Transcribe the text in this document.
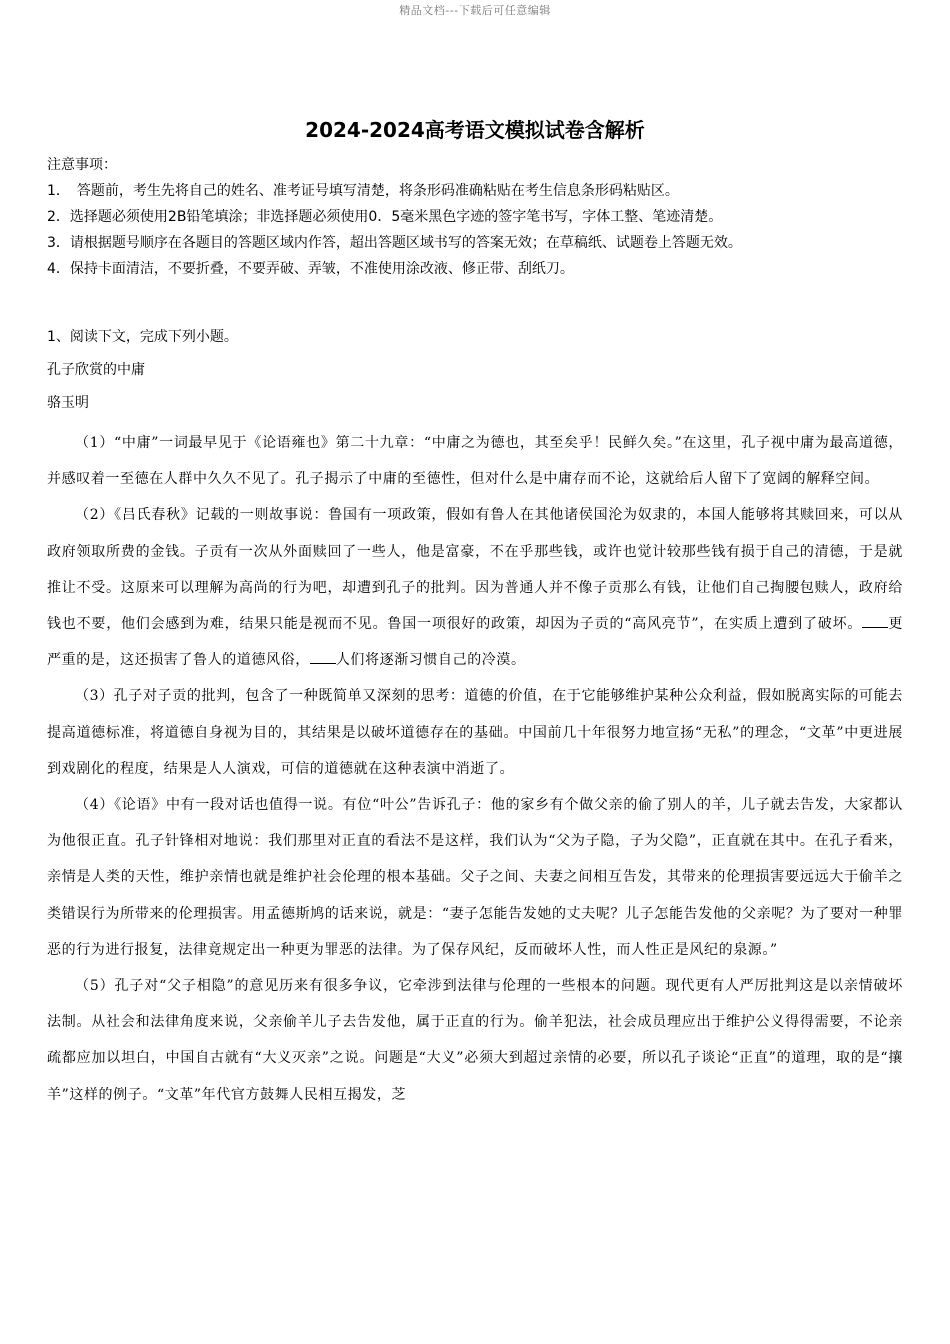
精品文档---下载后可任意编辑
2024-2024高考语文模拟试卷含解析
注意事项：
1．　答题前，考生先将自己的姓名、准考证号填写清楚，将条形码准确粘贴在考生信息条形码粘贴区。
2．选择题必须使用2B铅笔填涂；非选择题必须使用0．5毫米黑色字迹的签字笔书写，字体工整、笔迹清楚。
3．请根据题号顺序在各题目的答题区域内作答，超出答题区域书写的答案无效；在草稿纸、试题卷上答题无效。
4．保持卡面清洁，不要折叠，不要弄破、弄皱，不准使用涂改液、修正带、刮纸刀。
1、阅读下文，完成下列小题。
孔子欣赏的中庸
骆玉明

（1）“中庸”一词最早见于《论语雍也》第二十九章：“中庸之为德也，其至矣乎！民鲜久矣。”在这里，孔子视中庸为最高道德，并感叹着一至德在人群中久久不见了。孔子揭示了中庸的至德性，但对什么是中庸存而不论，这就给后人留下了宽阔的解释空间。

（2）《吕氏春秋》记载的一则故事说：鲁国有一项政策，假如有鲁人在其他诸侯国沦为奴隶的，本国人能够将其赎回来，可以从政府领取所费的金钱。子贡有一次从外面赎回了一些人，他是富豪，不在乎那些钱，或许也觉计较那些钱有损于自己的清德，于是就推让不受。这原来可以理解为高尚的行为吧，却遭到孔子的批判。因为普通人并不像子贡那么有钱，让他们自己掏腰包赎人，政府给钱也不要，他们会感到为难，结果只能是视而不见。鲁国一项很好的政策，却因为子贡的“高风亮节”，在实质上遭到了破坏。 更严重的是，这还损害了鲁人的道德风俗， 人们将逐渐习惯自己的冷漠。

（3）孔子对子贡的批判，包含了一种既简单又深刻的思考：道德的价值，在于它能够维护某种公众利益，假如脱离实际的可能去提高道德标准，将道德自身视为目的，其结果是以破坏道德存在的基础。中国前几十年很努力地宣扬“无私”的理念，“文革”中更进展到戏剧化的程度，结果是人人演戏，可信的道德就在这种表演中消逝了。

（4）《论语》中有一段对话也值得一说。有位“叶公”告诉孔子：他的家乡有个做父亲的偷了别人的羊，儿子就去告发，大家都认为他很正直。孔子针锋相对地说：我们那里对正直的看法不是这样，我们认为“父为子隐，子为父隐”，正直就在其中。在孔子看来，亲情是人类的天性，维护亲情也就是维护社会伦理的根本基础。父子之间、夫妻之间相互告发，其带来的伦理损害要远远大于偷羊之类错误行为所带来的伦理损害。用孟德斯鸠的话来说，就是：“妻子怎能告发她的丈夫呢？儿子怎能告发他的父亲呢？为了要对一种罪恶的行为进行报复，法律竟规定出一种更为罪恶的法律。为了保存风纪，反而破坏人性，而人性正是风纪的泉源。”

（5）孔子对“父子相隐”的意见历来有很多争议，它牵涉到法律与伦理的一些根本的问题。现代更有人严厉批判这是以亲情破坏法制。从社会和法律角度来说，父亲偷羊儿子去告发他，属于正直的行为。偷羊犯法，社会成员理应出于维护公义得得需要，不论亲疏都应加以坦白，中国自古就有“大义灭亲”之说。问题是“大义”必须大到超过亲情的必要，所以孔子谈论“正直”的道理，取的是“攘羊”这样的例子。“文革”年代官方鼓舞人民相互揭发，芝
